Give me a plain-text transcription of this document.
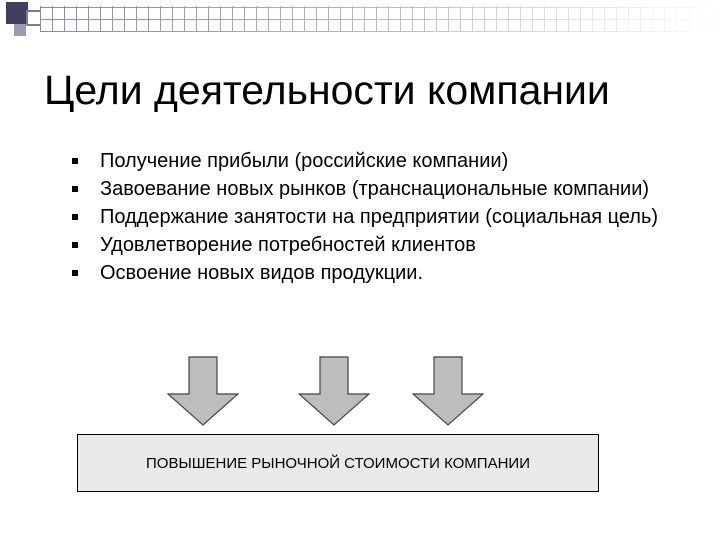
Цели деятельности компании
Получение прибыли (российские компании)
Завоевание новых рынков (транснациональные компании)
Поддержание занятости на предприятии (социальная цель)
Удовлетворение потребностей клиентов
Освоение новых видов продукции.
ПОВЫШЕНИЕ РЫНОЧНОЙ СТОИМОСТИ КОМПАНИИ
